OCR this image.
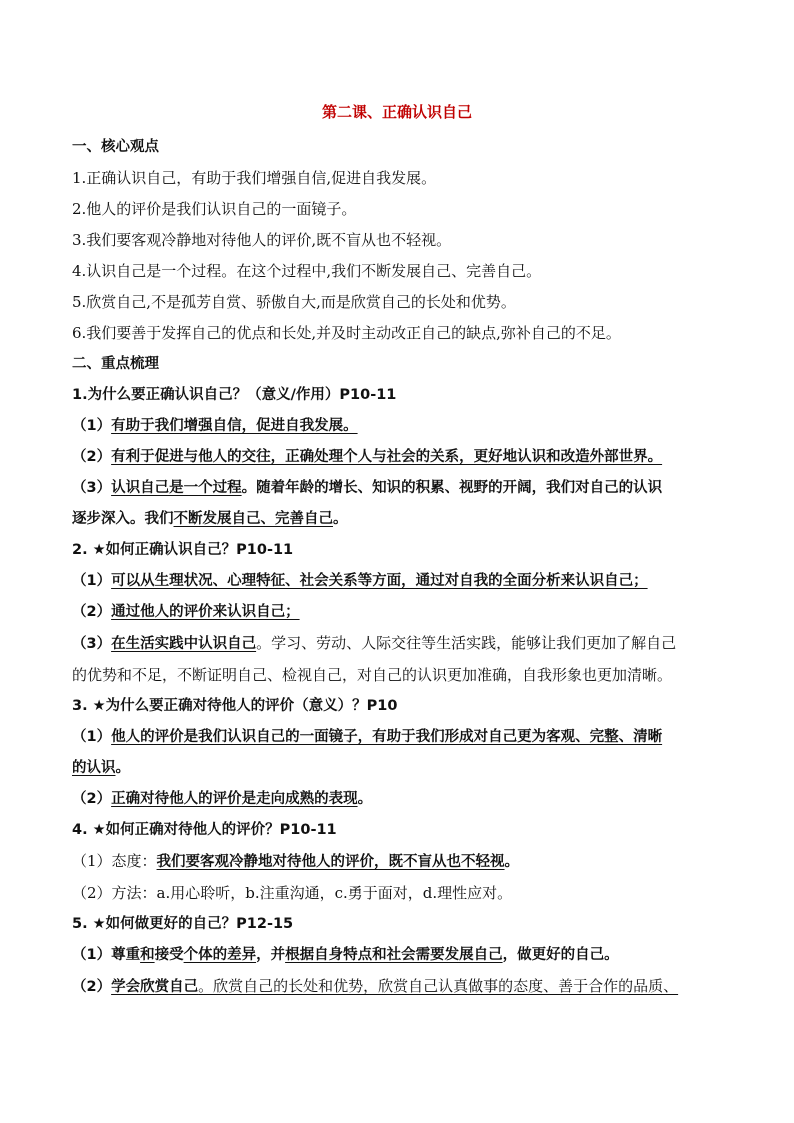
第二课、正确认识自己
一、核心观点
1.正确认识自己，有助于我们增强自信,促进自我发展。
2.他人的评价是我们认识自己的一面镜子。
3.我们要客观冷静地对待他人的评价,既不盲从也不轻视。
4.认识自己是一个过程。在这个过程中,我们不断发展自己、完善自己。
5.欣赏自己,不是孤芳自赏、骄傲自大,而是欣赏自己的长处和优势。
6.我们要善于发挥自己的优点和长处,并及时主动改正自己的缺点,弥补自己的不足。
二、重点梳理
1.为什么要正确认识自己？（意义/作用）P10-11
（1）有助于我们增强自信，促进自我发展。
（2）有利于促进与他人的交往，正确处理个人与社会的关系，更好地认识和改造外部世界。
（3）认识自己是一个过程。随着年龄的增长、知识的积累、视野的开阔，我们对自己的认识
逐步深入。我们不断发展自己、完善自己。
2. ★如何正确认识自己？P10-11
（1）可以从生理状况、心理特征、社会关系等方面，通过对自我的全面分析来认识自己；
（2）通过他人的评价来认识自己；
（3）在生活实践中认识自己。学习、劳动、人际交往等生活实践，能够让我们更加了解自己
的优势和不足，不断证明自己、检视自己，对自己的认识更加准确，自我形象也更加清晰。
3. ★为什么要正确对待他人的评价（意义）？P10
（1）他人的评价是我们认识自己的一面镜子，有助于我们形成对自己更为客观、完整、清晰
的认识。
（2）正确对待他人的评价是走向成熟的表现。
4. ★如何正确对待他人的评价？P10-11
（1）态度：我们要客观冷静地对待他人的评价，既不盲从也不轻视。
（2）方法：a.用心聆听，b.注重沟通，c.勇于面对，d.理性应对。
5. ★如何做更好的自己？P12-15
（1）尊重和接受个体的差异，并根据自身特点和社会需要发展自己，做更好的自己。
（2）学会欣赏自己。欣赏自己的长处和优势，欣赏自己认真做事的态度、善于合作的品质、
